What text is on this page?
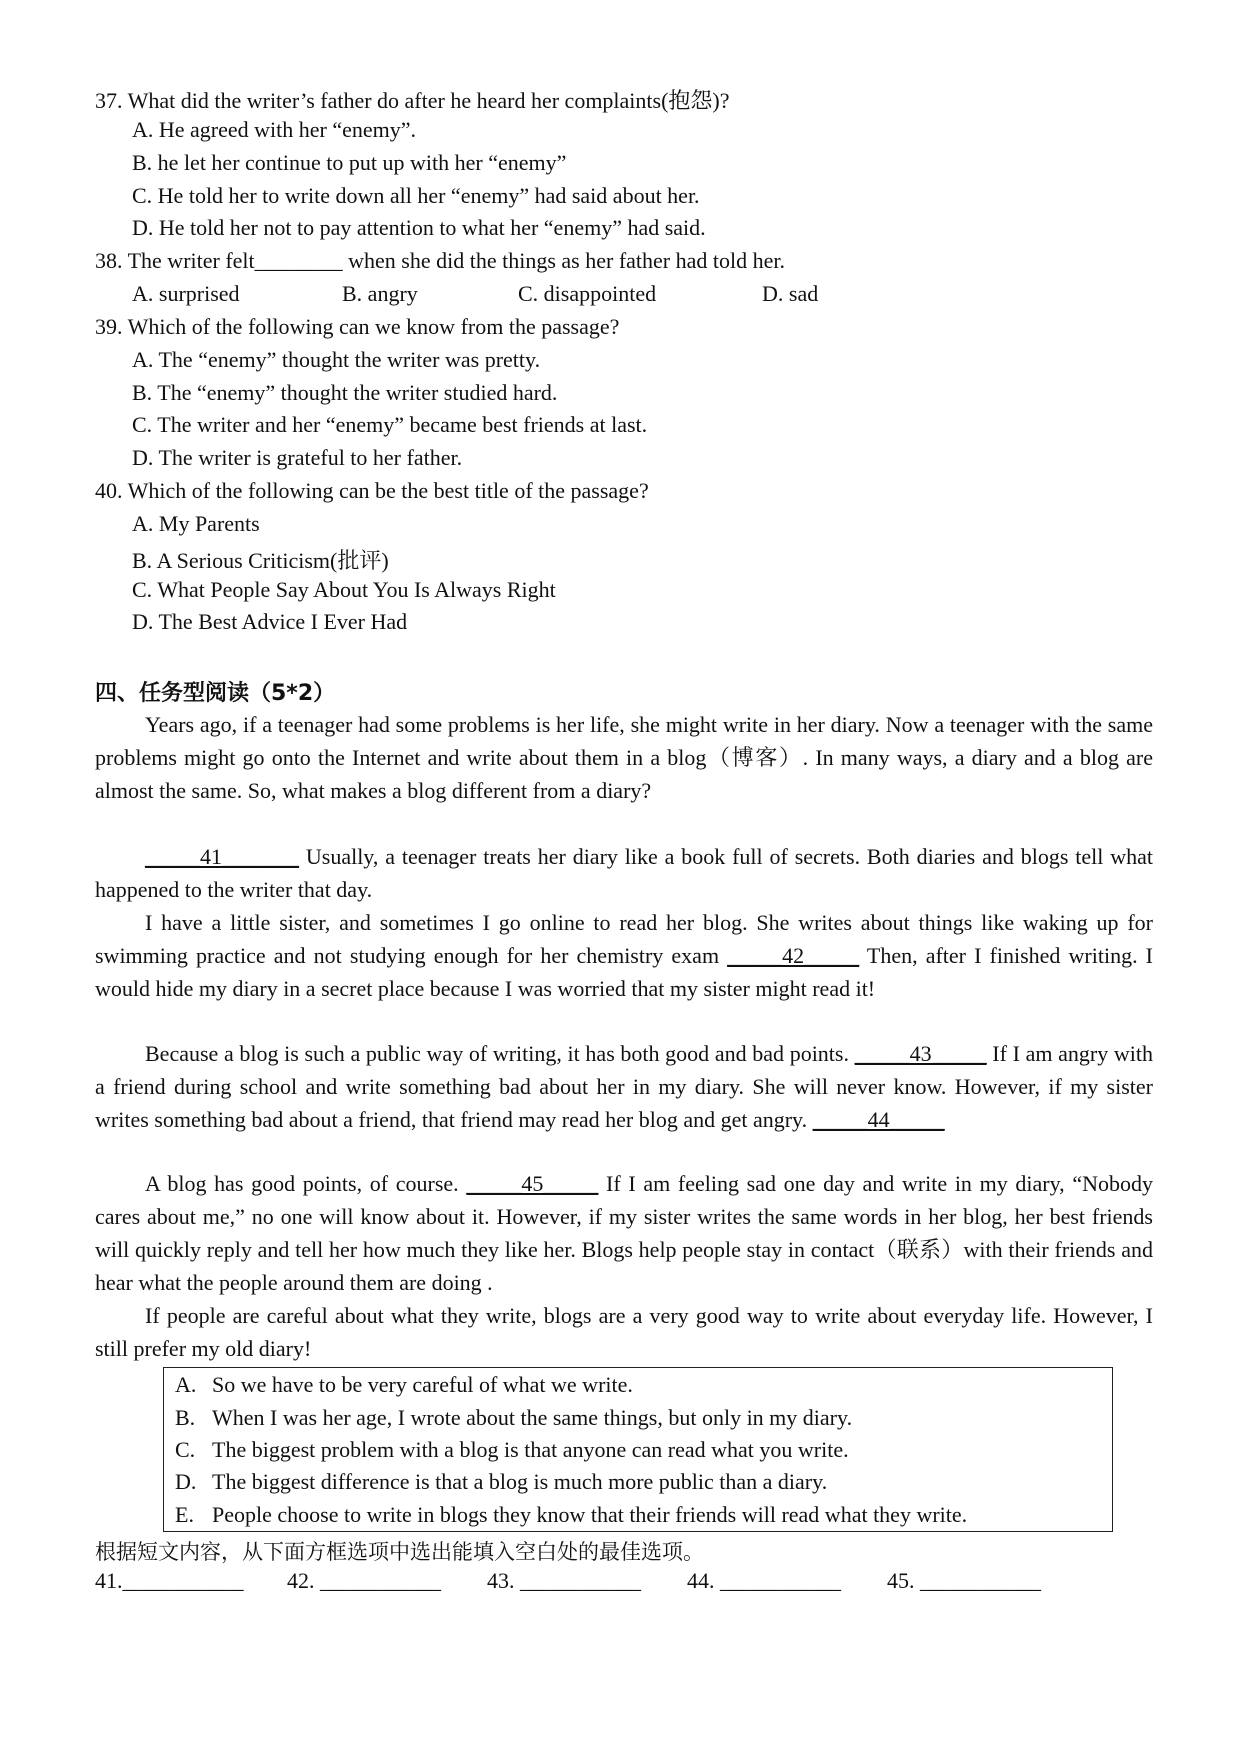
37. What did the writer’s father do after he heard her complaints(抱怨)?
A. He agreed with her “enemy”.
B. he let her continue to put up with her “enemy”
C. He told her to write down all her “enemy” had said about her.
D. He told her not to pay attention to what her “enemy” had said.
38. The writer felt________ when she did the things as her father had told her.
A. surprised	B. angry	C. disappointed	D. sad
39. Which of the following can we know from the passage?
A. The “enemy” thought the writer was pretty.
B. The “enemy” thought the writer studied hard.
C. The writer and her “enemy” became best friends at last.
D. The writer is grateful to her father.
40. Which of the following can be the best title of the passage?
A. My Parents
B. A Serious Criticism(批评)
C. What People Say About You Is Always Right
D. The Best Advice I Ever Had
四、任务型阅读（5*2）
Years ago, if a teenager had some problems is her life, she might write in her diary. Now a teenager with the same problems might go onto the Internet and write about them in a blog（博客）. In many ways, a diary and a blog are almost the same. So, what makes a blog different from a diary?
_____41_______ Usually, a teenager treats her diary like a book full of secrets. Both diaries and blogs tell what happened to the writer that day.
I have a little sister, and sometimes I go online to read her blog. She writes about things like waking up for swimming practice and not studying enough for her chemistry exam _____42_____ Then, after I finished writing. I would hide my diary in a secret place because I was worried that my sister might read it!
Because a blog is such a public way of writing, it has both good and bad points. _____43_____ If I am angry with a friend during school and write something bad about her in my diary. She will never know. However, if my sister writes something bad about a friend, that friend may read her blog and get angry. _____44_____
A blog has good points, of course. _____45_____ If I am feeling sad one day and write in my diary, “Nobody cares about me,” no one will know about it. However, if my sister writes the same words in her blog, her best friends will quickly reply and tell her how much they like her. Blogs help people stay in contact（联系）with their friends and hear what the people around them are doing .
If people are careful about what they write, blogs are a very good way to write about everyday life. However, I still prefer my old diary!
A. So we have to be very careful of what we write.
B. When I was her age, I wrote about the same things, but only in my diary.
C. The biggest problem with a blog is that anyone can read what you write.
D. The biggest difference is that a blog is much more public than a diary.
E. People choose to write in blogs they know that their friends will read what they write.
根据短文内容，从下面方框选项中选出能填入空白处的最佳选项。
41.___________ 42. ___________ 43. ___________ 44. ___________ 45. ___________
